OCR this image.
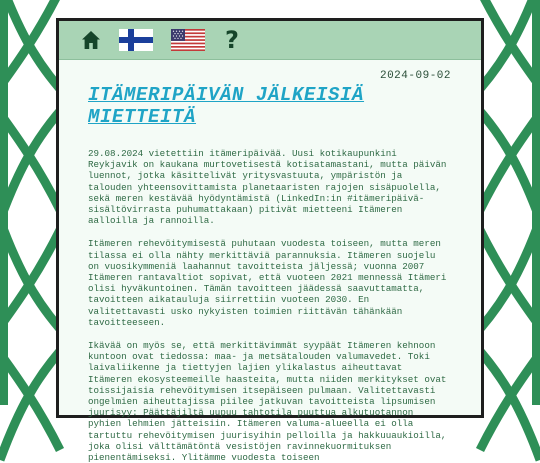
?
2024-09-02
ITÄMERIPÄIVÄN JÄLKEISIÄ MIETTEITÄ

29.08.2024 vietettiin itämeripäivää. Uusi kotikaupunkini Reykjavik on kaukana murtovetisestä kotisatamastani, mutta päivän luennot, jotka käsittelivät yritysvastuuta, ympäristön ja talouden yhteensovittamista planetaaristen rajojen sisäpuolella, sekä meren kestävää hyödyntämistä (LinkedIn:in #itämeripäivä-sisältövirrasta puhumattakaan) pitivät mietteeni Itämeren aalloilla ja rannoilla.

Itämeren rehevöitymisestä puhutaan vuodesta toiseen, mutta meren tilassa ei olla nähty merkittäviä parannuksia. Itämeren suojelu on vuosikymmeniä laahannut tavoitteista jäljessä; vuonna 2007 Itämeren rantavaltiot sopivat, että vuoteen 2021 mennessä Itämeri olisi hyväkuntoinen. Tämän tavoitteen jäädessä saavuttamatta, tavoitteen aikatauluja siirrettiin vuoteen 2030. En valitettavasti usko nykyisten toimien riittävän tähänkään tavoitteeseen.

Ikävää on myös se, että merkittävimmät syypäät Itämeren kehnoon kuntoon ovat tiedossa: maa- ja metsätalouden valumavedet. Toki laivaliikenne ja tiettyjen lajien ylikalastus aiheuttavat Itämeren ekosysteemeille haasteita, mutta niiden merkitykset ovat toissijaisia rehevöitymisen itsepäiseen pulmaan. Valitettavasti ongelmien aiheuttajissa piilee jatkuvan tavoitteista lipsumisen juurisyy: Päättäjiltä uupuu tahtotila puuttua alkutuotannon pyhien lehmien jätteisiin. Itämeren valuma-alueella ei olla tartuttu rehevöitymisen juurisyihin pelloilla ja hakkuuaukioilla, joka olisi välttämätöntä vesistöjen ravinnekuormituksen pienentämiseksi. Ylitämme vuodesta toiseen
